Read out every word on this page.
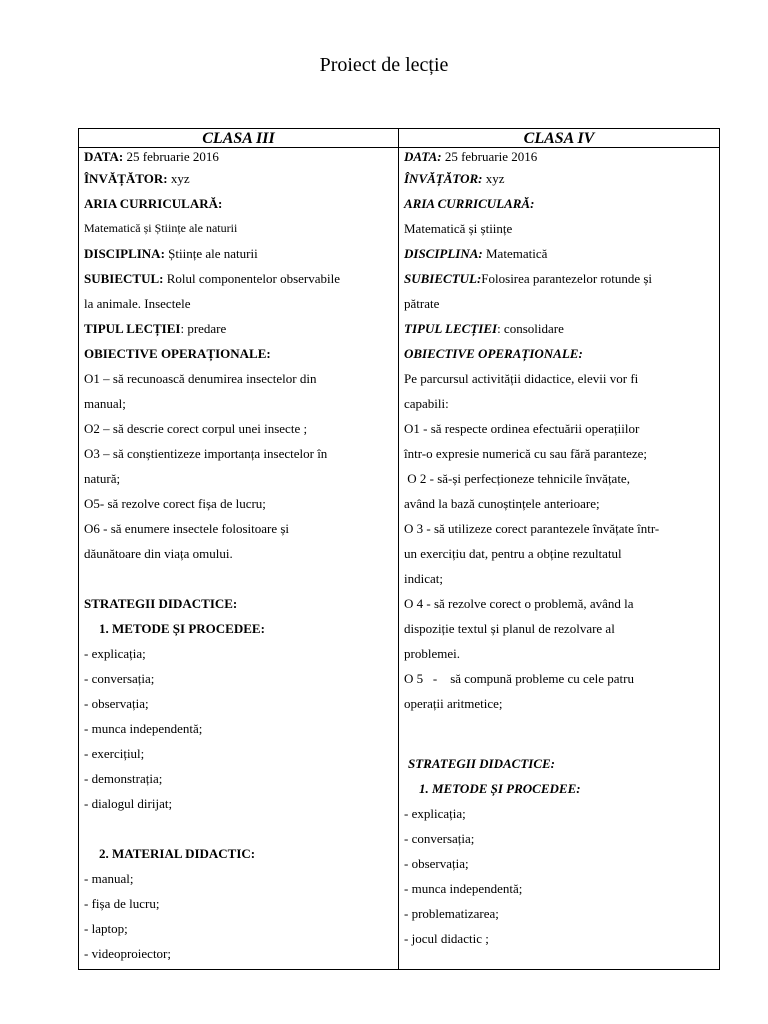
Proiect de lecție
CLASA III	CLASA IV
DATA: 25 februarie 2016
ÎNVĂȚĂTOR: xyz
ARIA CURRICULARĂ:
Matematică și Științe ale naturii
DISCIPLINA: Științe ale naturii
SUBIECTUL: Rolul componentelor observabile
la animale. Insectele
TIPUL LECȚIEI: predare
OBIECTIVE OPERAȚIONALE:
O1 – să recunoască denumirea insectelor din
manual;
O2 – să descrie corect corpul unei insecte ;
O3 – să conștientizeze importanța insectelor în
natură;
O5- să rezolve corect fișa de lucru;
O6 - să enumere insectele folositoare și
dăunătoare din viața omului.
STRATEGII DIDACTICE:
1. METODE ȘI PROCEDEE:
- explicația;
- conversația;
- observația;
- munca independentă;
- exercițiul;
- demonstrația;
- dialogul dirijat;
2. MATERIAL DIDACTIC:
- manual;
- fișa de lucru;
- laptop;
- videoproiector;
DATA: 25 februarie 2016
ÎNVĂȚĂTOR: xyz
ARIA CURRICULARĂ:
Matematică și științe
DISCIPLINA: Matematică
SUBIECTUL:Folosirea parantezelor rotunde și
pătrate
TIPUL LECȚIEI: consolidare
OBIECTIVE OPERAȚIONALE:
Pe parcursul activității didactice, elevii vor fi
capabili:
O1 - să respecte ordinea efectuării operațiilor
într-o expresie numerică cu sau fără paranteze;
O 2 - să-și perfecționeze tehnicile învățate,
având la bază cunoștințele anterioare;
O 3 - să utilizeze corect parantezele învățate într-
un exercițiu dat, pentru a obține rezultatul
indicat;
O 4 - să rezolve corect o problemă, având la
dispoziție textul și planul de rezolvare al
problemei.
O 5   -    să compună probleme cu cele patru
operații aritmetice;
STRATEGII DIDACTICE:
1. METODE ȘI PROCEDEE:
- explicația;
- conversația;
- observația;
- munca independentă;
- problematizarea;
- jocul didactic ;
